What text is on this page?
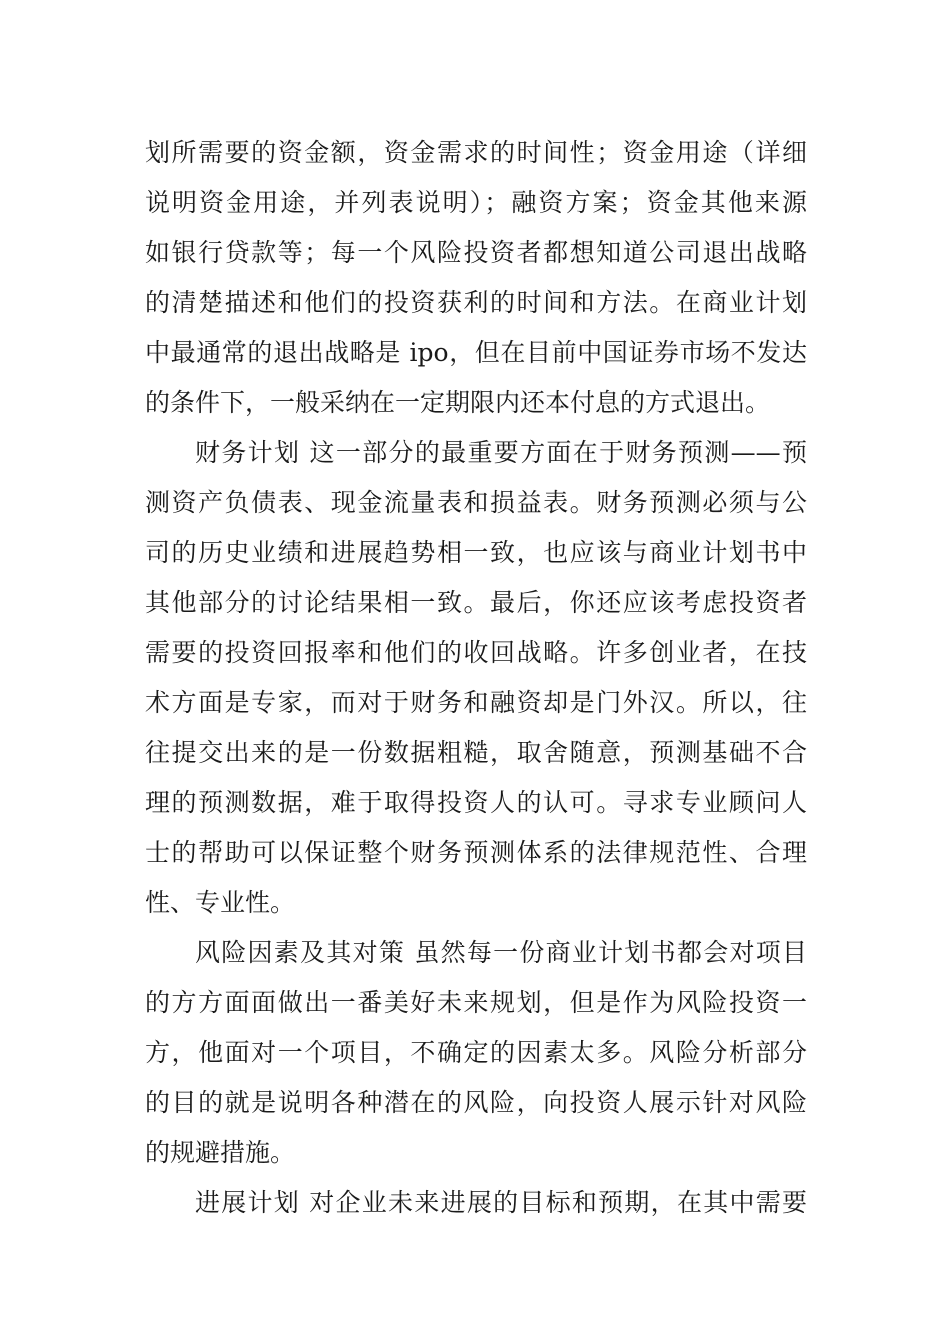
划所需要的资金额，资金需求的时间性；资金用途（详细
说明资金用途，并列表说明）；融资方案；资金其他来源
如银行贷款等；每一个风险投资者都想知道公司退出战略
的清楚描述和他们的投资获利的时间和方法。在商业计划
中最通常的退出战略是 ipo，但在目前中国证券市场不发达
的条件下，一般采纳在一定期限内还本付息的方式退出。
财务计划 这一部分的最重要方面在于财务预测——预
测资产负债表、现金流量表和损益表。财务预测必须与公
司的历史业绩和进展趋势相一致，也应该与商业计划书中
其他部分的讨论结果相一致。最后，你还应该考虑投资者
需要的投资回报率和他们的收回战略。许多创业者，在技
术方面是专家，而对于财务和融资却是门外汉。所以，往
往提交出来的是一份数据粗糙，取舍随意，预测基础不合
理的预测数据，难于取得投资人的认可。寻求专业顾问人
士的帮助可以保证整个财务预测体系的法律规范性、合理
性、专业性。
风险因素及其对策 虽然每一份商业计划书都会对项目
的方方面面做出一番美好未来规划，但是作为风险投资一
方，他面对一个项目，不确定的因素太多。风险分析部分
的目的就是说明各种潜在的风险，向投资人展示针对风险
的规避措施。
进展计划 对企业未来进展的目标和预期，在其中需要
